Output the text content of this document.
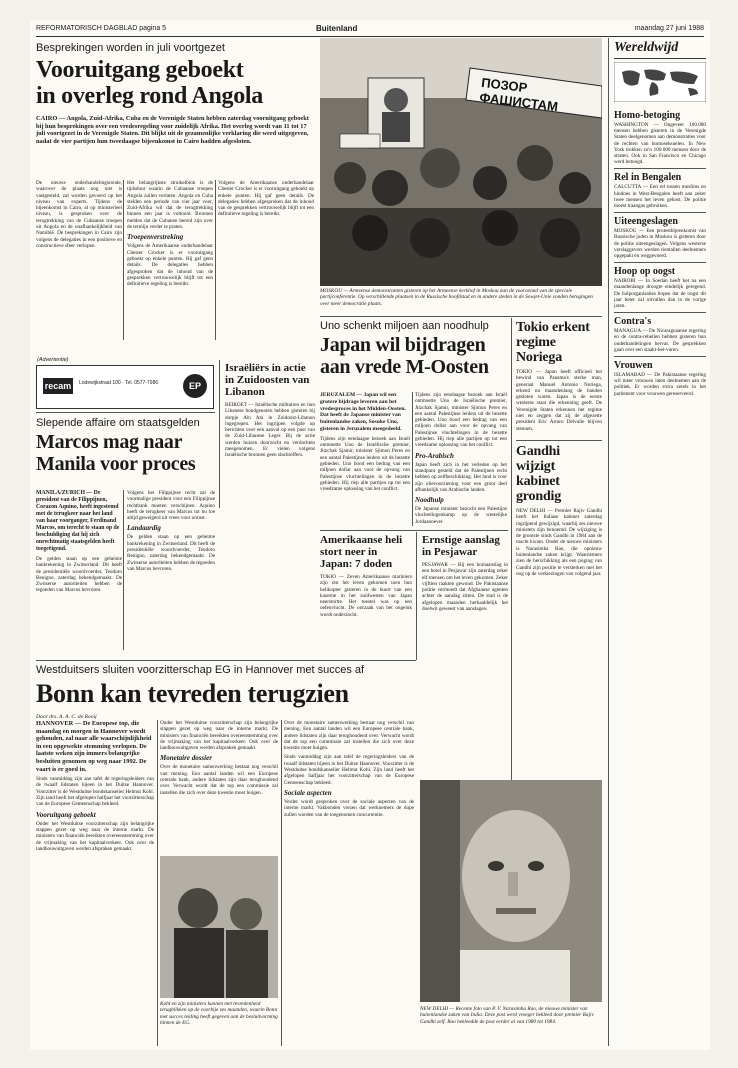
REFORMATORISCH DAGBLAD pagina 5	Buitenland	maandag 27 juni 1988
Besprekingen worden in juli voortgezet
Vooruitgang geboekt
in overleg rond Angola
CAIRO — Angola, Zuid-Afrika, Cuba en de Verenigde Staten hebben zaterdag vooruitgang geboekt bij hun besprekingen over een vredesregeling voor zuidelijk Afrika. Het overleg wordt van 11 tot 17 juli voortgezet in de Verenigde Staten. Dit blijkt uit de gezamenlijke verklaring die werd uitgegeven, nadat de vier partijen hun tweedaagse bijeenkomst in Cairo hadden afgesloten.
De nieuwe onderhandelingsronde, waarover de plaats nog niet is vastgesteld, zal worden gevoerd op het niveau van experts. Tijdens de bijeenkomst in Cairo, al op ministerieel niveau, is gesproken over de terugtrekking van de Cubaanse troepen uit Angola en de onafhankelijkheid van Namibië. De besprekingen in Cairo zijn volgens de delegaties in een positieve en constructieve sfeer verlopen.
Het belangrijkste struikelblok is de tijdsduur waarin de Cubaanse troepen Angola zullen verlaten. Angola en Cuba stelden een periode van vier jaar voor, Zuid-Afrika wil dat de terugtrekking binnen een jaar is voltooid. Bronnen melden dat de Cubanen bereid zijn over de termijn verder te praten.
Troepenverstreking
Volgens de Amerikaanse onderhandelaar Chester Crocker is er vooruitgang geboekt op enkele punten. Hij gaf geen details. De delegaties hebben afgesproken dat de inhoud van de gesprekken vertrouwelijk blijft tot een definitieve regeling is bereikt.
Volgens de Amerikaanse onderhandelaar Chester Crocker is er vooruitgang geboekt op enkele punten. Hij gaf geen details. De delegaties hebben afgesproken dat de inhoud van de gesprekken vertrouwelijk blijft tot een definitieve regeling is bereikt.
(Advertentie)
recam	Lodewijkstraat 100 · Tel. 0577-7986	EP
Israëliërs in actie in Zuidoosten van Libanon
BEIROET — Israëlische militairen en hun Libanese bondgenoten hebben gisteren bij dorpje Ain Ata in Zuidoost-Libanon ingegrepen. Het ingrijpen volgde op berichten over een aanval op een post van de Zuid-Libanese Leger. Bij de actie werden huizen doorzocht en verdachten meegenomen. Er vielen volgens Israëlische bronnen geen slachtoffers.
Slepende affaire om staatsgelden
Marcos mag naar
Manila voor proces
MANILA/ZÜRICH — De president van de Filippijnen, Corazon Aquino, heeft ingestemd met de terugkeer naar het land van haar voorganger, Ferdinand Marcos, om terecht te staan op de beschuldiging dat hij zich onrechtmatig staatsgelden heeft toegeëigend.
De gelden staan op een geheime bankrekening in Zwitserland. Dit heeft de presidentiële woordvoerder, Teodoro Benigno, zaterdag bekendgemaakt. De Zwitserse autoriteiten hebben de tegoeden van Marcos bevroren.
Volgens het Filippijnse recht zal de voormalige president voor een Filippijnse rechtbank moeten verschijnen. Aquino heeft de terugkeer van Marcos tot nu toe altijd geweigerd uit vrees voor onrust.
Landaardig
De gelden staan op een geheime bankrekening in Zwitserland. Dit heeft de presidentiële woordvoerder, Teodoro Benigno, zaterdag bekendgemaakt. De Zwitserse autoriteiten hebben de tegoeden van Marcos bevroren.
ПОЗОР ФАШИСТАМ
MOSKOU — Armeense demonstranten gisteren op het Armeense kerkhof in Moskou aan de vooravond van de speciale partijconferentie. Op verschillende plaatsen in de Russische hoofdstad en in andere steden in de Sowjet-Unie vonden betogingen over meer democratie plaats.
Uno schenkt miljoen aan noodhulp
Japan wil bijdragen
aan vrede M-Oosten
JERUZALEM — Japan wil een grotere bijdrage leveren aan het vredesproces in het Midden-Oosten. Dat heeft de Japanse minister van buitenlandse zaken, Sosuke Uno, gisteren in Jeruzalem meegedeeld.
Tijdens zijn eendaagse bezoek aan Israël ontmoette Uno de Israëlische premier, Jitzchak Sjamir, minister Sjimon Peres en een aantal Palestijnse leiders uit de bezette gebieden. Uno bood een bedrag van een miljoen dollar aan voor de opvang van Palestijnse vluchtelingen in de bezette gebieden. Hij riep alle partijen op tot een vreedzame oplossing van het conflict.
Tijdens zijn eendaagse bezoek aan Israël ontmoette Uno de Israëlische premier, Jitzchak Sjamir, minister Sjimon Peres en een aantal Palestijnse leiders uit de bezette gebieden. Uno bood een bedrag van een miljoen dollar aan voor de opvang van Palestijnse vluchtelingen in de bezette gebieden. Hij riep alle partijen op tot een vreedzame oplossing van het conflict.
Pro-Arabisch
Japan heeft zich in het verleden op het standpunt gesteld dat de Palestijnen recht hebben op zelfbeschikking. Het land is voor zijn olievoorziening voor een groot deel afhankelijk van Arabische landen.
Noodhulp
De Japanse minister bezocht een Palestijns vluchtelingenkamp op de westelijke Jordaanoever.
Tokio erkent regime Noriega
TOKIO — Japan heeft officieel het bewind van Panama's sterke man, generaal Manuel Antonio Noriega, erkend nu maandenlang de banden gesloten waren. Japan is de eerste westerse staat die erkenning geeft. De Verenigde Staten erkennen het regime niet en zeggen dat zij de afgezette president Eric Arturo Delvalle blijven steunen.
Gandhi wijzigt kabinet grondig
NEW DELHI — Premier Rajiv Gandhi heeft het Indiase kabinet zaterdag ingrijpend gewijzigd, waarbij zes nieuwe ministers zijn benoemd. De wijziging is de grootste sinds Gandhi in 1984 aan de macht kwam. Onder de nieuwe ministers is Narasimha Rao, die opnieuw buitenlandse zaken krijgt. Waarnemers zien de herschikking als een poging van Gandhi zijn positie te versterken met het oog op de verkiezingen van volgend jaar.
Amerikaanse heli stort neer in Japan: 7 doden
TOKIO — Zeven Amerikaanse mariniers zijn om het leven gekomen toen hun helikopter gisteren in de buurt van een kazerne in het zuidwesten van Japan neerstortte. Het toestel was op een oefenvlucht. De oorzaak van het ongeluk wordt onderzocht.
Ernstige aanslag in Pesjawar
PESJAWAR — Bij een bomaanslag in een hotel in Pesjawar zijn zaterdag zeker elf mensen om het leven gekomen. Zeker vijftien raakten gewond. De Pakistaanse politie vermoedt dat Afghaanse agenten achter de aanslag zitten. De stad is de afgelopen maanden herhaaldelijk het doelwit geweest van aanslagen.
Westduitsers sluiten voorzitterschap EG in Hannover met succes af
Bonn kan tevreden terugzien
Door drs. A. A. C. de Rooij
HANNOVER — De Europese top, die maandag en morgen in Hannover wordt gehouden, zal naar alle waarschijnlijkheid in een opgewekte stemming verlopen. De laatste weken zijn immers belangrijke besluiten genomen op weg naar 1992. De vaart is er goed in.
Sinds vanmiddag zijn aan tafel de regeringsleiders van de twaalf lidstaten bijeen in het Duitse Hannover. Voorzitter is de Westduitse bondskanselier Helmut Kohl. Zijn land heeft het afgelopen halfjaar het voorzitterschap van de Europese Gemeenschap bekleed.
Vooruitgang geboekt
Onder het Westduitse voorzitterschap zijn belangrijke stappen gezet op weg naar de interne markt. De ministers van financiën bereikten overeenstemming over de vrijmaking van het kapitaalverkeer. Ook over de landbouwuitgaven werden afspraken gemaakt.
Onder het Westduitse voorzitterschap zijn belangrijke stappen gezet op weg naar de interne markt. De ministers van financiën bereikten overeenstemming over de vrijmaking van het kapitaalverkeer. Ook over de landbouwuitgaven werden afspraken gemaakt.
Monetaire dossier
Over de monetaire samenwerking bestaat nog verschil van mening. Een aantal landen wil een Europese centrale bank, andere lidstaten zijn daar terughoudend over. Verwacht wordt dat de top een commissie zal instellen die zich over deze kwestie moet buigen.
Over de monetaire samenwerking bestaat nog verschil van mening. Een aantal landen wil een Europese centrale bank, andere lidstaten zijn daar terughoudend over. Verwacht wordt dat de top een commissie zal instellen die zich over deze kwestie moet buigen.
Sinds vanmiddag zijn aan tafel de regeringsleiders van de twaalf lidstaten bijeen in het Duitse Hannover. Voorzitter is de Westduitse bondskanselier Helmut Kohl. Zijn land heeft het afgelopen halfjaar het voorzitterschap van de Europese Gemeenschap bekleed.
Sociale aspecten
Verder wordt gesproken over de sociale aspecten van de interne markt. Vakbonden vrezen dat werknemers de dupe zullen worden van de toegenomen concurrentie.
Kohl en zijn ministers kunnen met tevredenheid terugblikken op de voorbije zes maanden, waarin Bonn met succes leiding heeft gegeven aan de besluitvorming binnen de EG.
NEW DELHI — Recente foto van P. V. Narasimha Rao, de nieuwe minister van buitenlandse zaken van India. Deze post werd vroeger bekleed door premier Rajiv Gandhi zelf. Rao bekleedde de post eerder al van 1980 tot 1984.
Wereldwijd
Homo-betoging
WASHINGTON — Ongeveer 100.000 mensen hebben gisteren in de Verenigde Staten deelgenomen aan demonstraties voor de rechten van homoseksuelen. In New York trokken zo'n 100.000 mensen door de straten. Ook in San Francisco en Chicago werd betoogd.
Rel in Bengalen
CALCUTTA — Een rel tussen moslims en hindoes in West-Bengalen heeft aan zeker twee mensen het leven gekost. De politie moest traangas gebruiken.
Uiteengeslagen
MOSKOU — Een protestbijeenkomst van Russische joden in Moskou is gisteren door de politie uiteengeslagen. Volgens westerse verslaggevers werden tientallen deelnemers opgepakt en weggevoerd.
Hoop op oogst
NAIROBI — In Soedan heeft het na een maandenlange droogte eindelijk geregend. De hulporganisaties hopen dat de oogst dit jaar beter zal uitvallen dan in de vorige jaren.
Contra's
MANAGUA — De Nicaraguaanse regering en de contra-rebellen hebben gisteren hun onderhandelingen hervat. De gesprekken gaan over een staakt-het-vuren.
Vrouwen
ISLAMABAD — De Pakistaanse regering wil meer vrouwen laten deelnemen aan de politiek. Er worden extra zetels in het parlement voor vrouwen gereserveerd.
